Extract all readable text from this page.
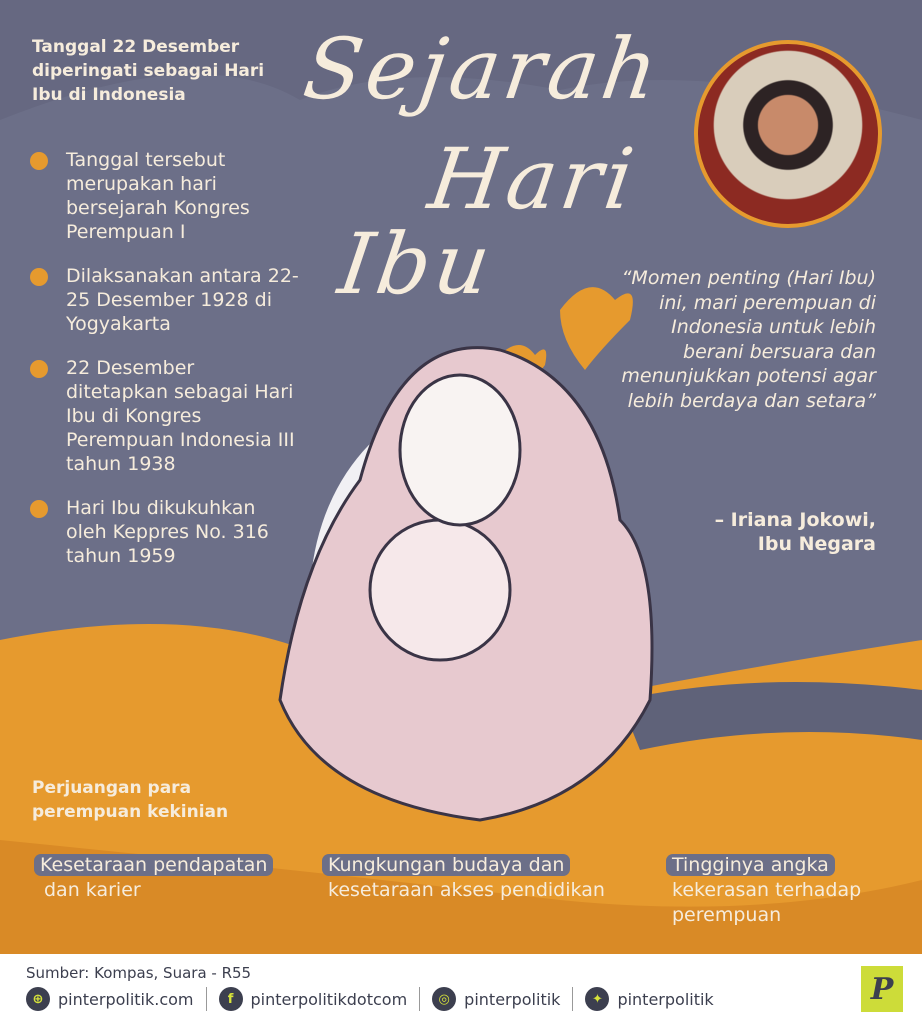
Tanggal 22 Desember diperingati sebagai Hari Ibu di Indonesia	Sejarah
Hari
Ibu
Tanggal tersebut merupakan hari bersejarah Kongres Perempuan I
Dilaksanakan antara 22-25 Desember 1928 di Yogyakarta
22 Desember ditetapkan sebagai Hari Ibu di Kongres Perempuan Indonesia III tahun 1938
Hari Ibu dikukuhkan oleh Keppres No. 316 tahun 1959
“Momen penting (Hari Ibu) ini, mari perempuan di Indonesia untuk lebih berani bersuara dan menunjukkan potensi agar lebih berdaya dan setara”
– Iriana Jokowi,
Ibu Negara
Perjuangan para perempuan kekinian
Kesetaraan pendapatan
dan karier
Kungkungan budaya dan
kesetaraan akses pendidikan
Tingginya angka
kekerasan terhadap perempuan
Sumber: Kompas, Suara - R55
⊕ pinterpolitik.com	f	pinterpolitikdotcom	◎ pinterpolitik	✦ pinterpolitik	P
